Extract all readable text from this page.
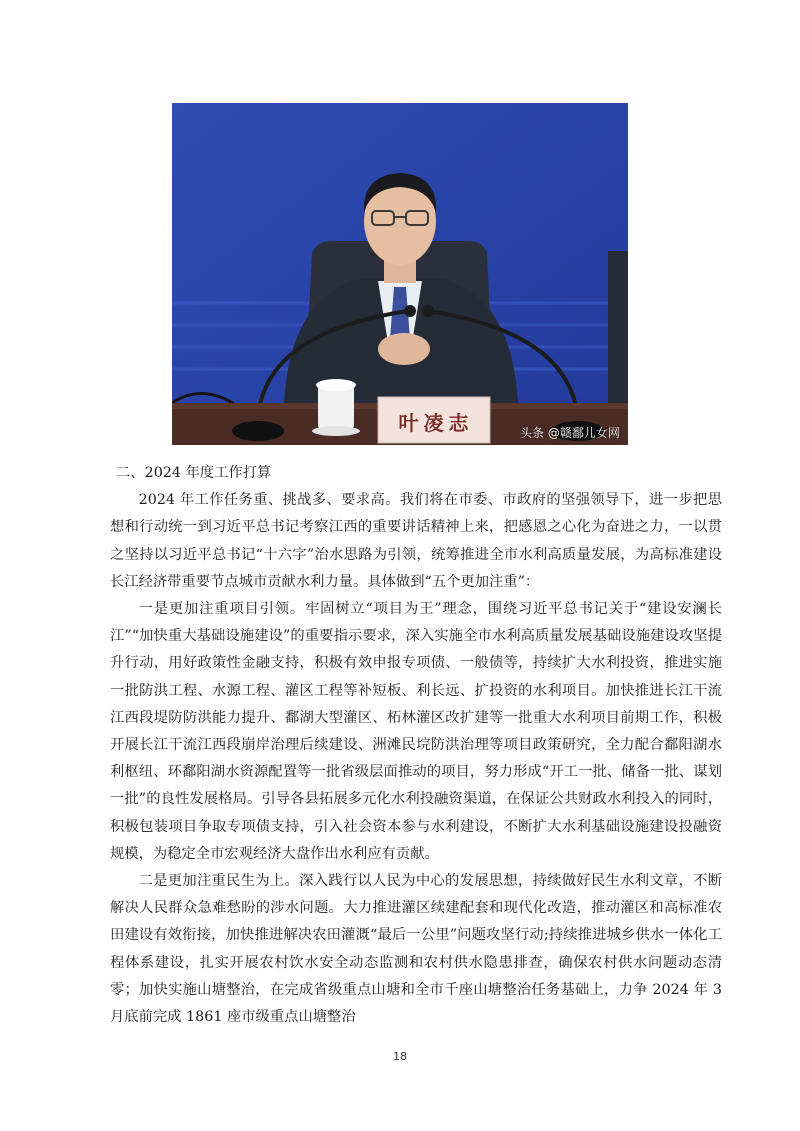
叶凌志	头条 @赣鄱儿女网

二、2024 年度工作打算

2024 年工作任务重、挑战多、要求高。我们将在市委、市政府的坚强领导下，进一步把思想和行动统一到习近平总书记考察江西的重要讲话精神上来，把感恩之心化为奋进之力，一以贯之坚持以习近平总书记“十六字”治水思路为引领，统筹推进全市水利高质量发展，为高标准建设长江经济带重要节点城市贡献水利力量。具体做到“五个更加注重”：

一是更加注重项目引领。牢固树立“项目为王”理念，围绕习近平总书记关于“建设安澜长江”“加快重大基础设施建设”的重要指示要求，深入实施全市水利高质量发展基础设施建设攻坚提升行动，用好政策性金融支持，积极有效申报专项债、一般债等，持续扩大水利投资，推进实施一批防洪工程、水源工程、灌区工程等补短板、利长远、扩投资的水利项目。加快推进长江干流江西段堤防防洪能力提升、鄱湖大型灌区、柘林灌区改扩建等一批重大水利项目前期工作，积极开展长江干流江西段崩岸治理后续建设、洲滩民垸防洪治理等项目政策研究，全力配合鄱阳湖水利枢纽、环鄱阳湖水资源配置等一批省级层面推动的项目，努力形成“开工一批、储备一批、谋划一批”的良性发展格局。引导各县拓展多元化水利投融资渠道，在保证公共财政水利投入的同时，积极包装项目争取专项债支持，引入社会资本参与水利建设，不断扩大水利基础设施建设投融资规模，为稳定全市宏观经济大盘作出水利应有贡献。

二是更加注重民生为上。深入践行以人民为中心的发展思想，持续做好民生水利文章，不断解决人民群众急难愁盼的涉水问题。大力推进灌区续建配套和现代化改造，推动灌区和高标准农田建设有效衔接，加快推进解决农田灌溉“最后一公里”问题攻坚行动;持续推进城乡供水一体化工程体系建设，扎实开展农村饮水安全动态监测和农村供水隐患排查，确保农村供水问题动态清零；加快实施山塘整治，在完成省级重点山塘和全市千座山塘整治任务基础上，力争 2024 年 3 月底前完成 1861 座市级重点山塘整治

18
